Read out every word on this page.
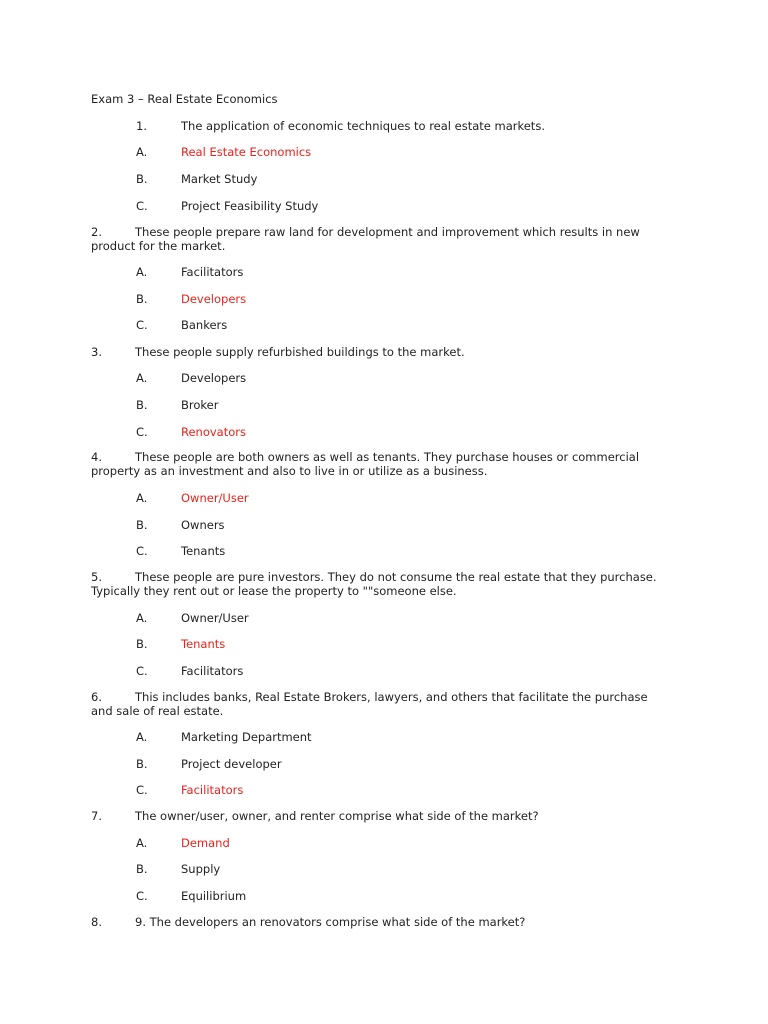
Exam 3 – Real Estate Economics
1.	The application of economic techniques to real estate markets.
A.	Real Estate Economics
B.	Market Study
C.	Project Feasibility Study
2.	These people prepare raw land for development and improvement which results in new product for the market.
A.	Facilitators
B.	Developers
C.	Bankers
3.	These people supply refurbished buildings to the market.
A.	Developers
B.	Broker
C.	Renovators
4.	These people are both owners as well as tenants. They purchase houses or commercial property as an investment and also to live in or utilize as a business.
A.	Owner/User
B.	Owners
C.	Tenants
5.	These people are pure investors. They do not consume the real estate that they purchase. Typically they rent out or lease the property to ""someone else.
A.	Owner/User
B.	Tenants
C.	Facilitators
6.	This includes banks, Real Estate Brokers, lawyers, and others that facilitate the purchase and sale of real estate.
A.	Marketing Department
B.	Project developer
C.	Facilitators
7.	The owner/user, owner, and renter comprise what side of the market?
A.	Demand
B.	Supply
C.	Equilibrium
8.	9. The developers an renovators comprise what side of the market?
